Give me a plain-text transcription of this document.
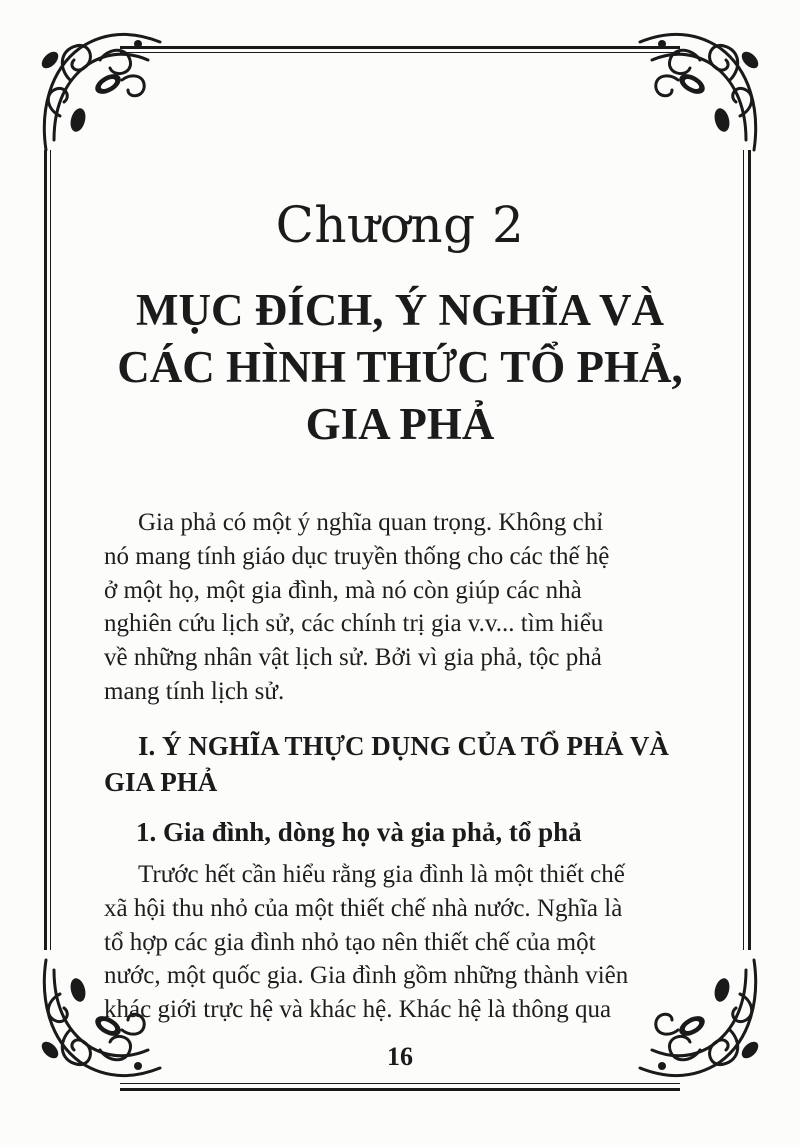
Chương 2
MỤC ĐÍCH, Ý NGHĨA VÀ
CÁC HÌNH THỨC TỔ PHẢ,
GIA PHẢ
Gia phả có một ý nghĩa quan trọng. Không chỉ
nó mang tính giáo dục truyền thống cho các thế hệ
ở một họ, một gia đình, mà nó còn giúp các nhà
nghiên cứu lịch sử, các chính trị gia v.v... tìm hiểu
về những nhân vật lịch sử. Bởi vì gia phả, tộc phả
mang tính lịch sử.
I. Ý NGHĨA THỰC DỤNG CỦA TỔ PHẢ VÀ
GIA PHẢ
1. Gia đình, dòng họ và gia phả, tổ phả
Trước hết cần hiểu rằng gia đình là một thiết chế
xã hội thu nhỏ của một thiết chế nhà nước. Nghĩa là
tổ hợp các gia đình nhỏ tạo nên thiết chế của một
nước, một quốc gia. Gia đình gồm những thành viên
khác giới trực hệ và khác hệ. Khác hệ là thông qua
16
